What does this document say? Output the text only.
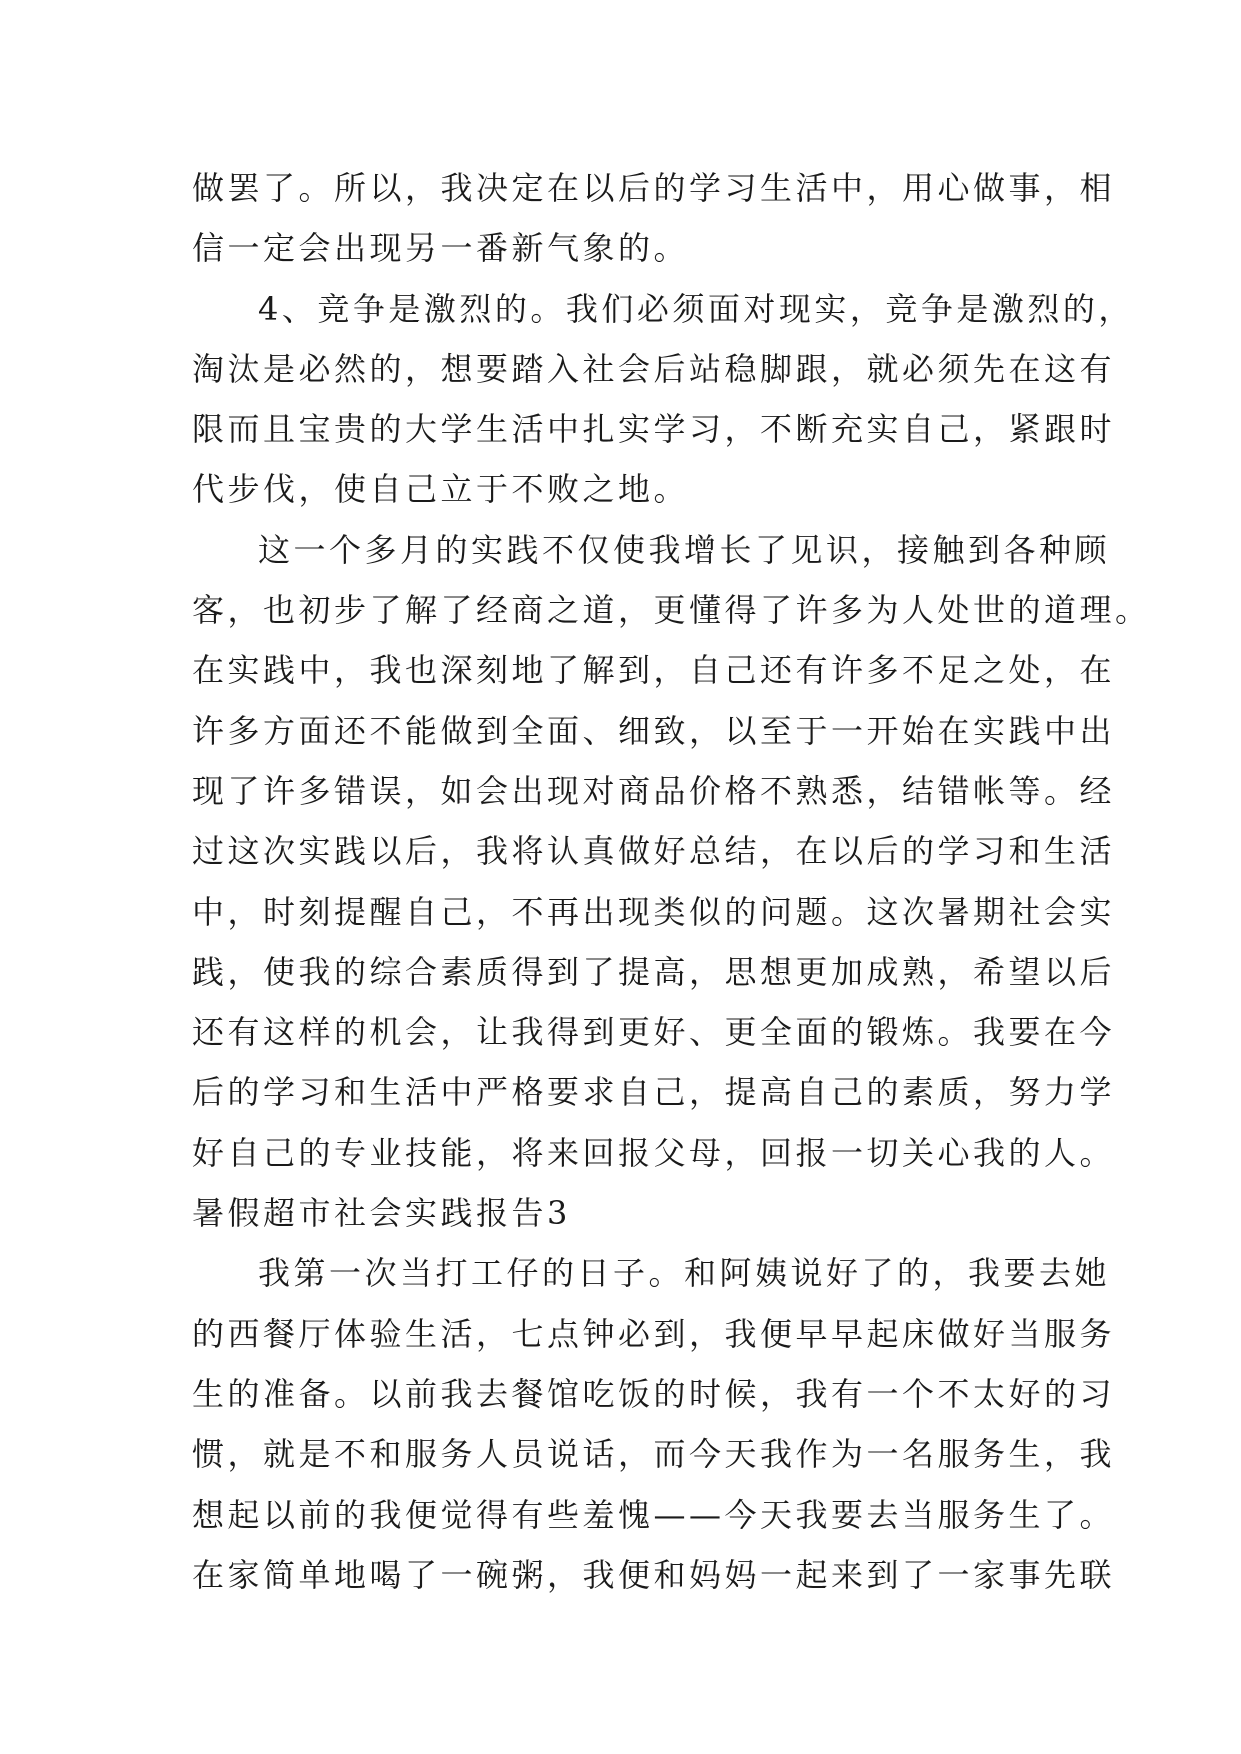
做罢了。所以，我决定在以后的学习生活中，用心做事，相
信一定会出现另一番新气象的。
4、竞争是激烈的。我们必须面对现实，竞争是激烈的，
淘汰是必然的，想要踏入社会后站稳脚跟，就必须先在这有
限而且宝贵的大学生活中扎实学习，不断充实自己，紧跟时
代步伐，使自己立于不败之地。
这一个多月的实践不仅使我增长了见识，接触到各种顾
客，也初步了解了经商之道，更懂得了许多为人处世的道理。
在实践中，我也深刻地了解到，自己还有许多不足之处，在
许多方面还不能做到全面、细致，以至于一开始在实践中出
现了许多错误，如会出现对商品价格不熟悉，结错帐等。经
过这次实践以后，我将认真做好总结，在以后的学习和生活
中，时刻提醒自己，不再出现类似的问题。这次暑期社会实
践，使我的综合素质得到了提高，思想更加成熟，希望以后
还有这样的机会，让我得到更好、更全面的锻炼。我要在今
后的学习和生活中严格要求自己，提高自己的素质，努力学
好自己的专业技能，将来回报父母，回报一切关心我的人。
暑假超市社会实践报告3
我第一次当打工仔的日子。和阿姨说好了的，我要去她
的西餐厅体验生活，七点钟必到，我便早早起床做好当服务
生的准备。以前我去餐馆吃饭的时候，我有一个不太好的习
惯，就是不和服务人员说话，而今天我作为一名服务生，我
想起以前的我便觉得有些羞愧——今天我要去当服务生了。
在家简单地喝了一碗粥，我便和妈妈一起来到了一家事先联
